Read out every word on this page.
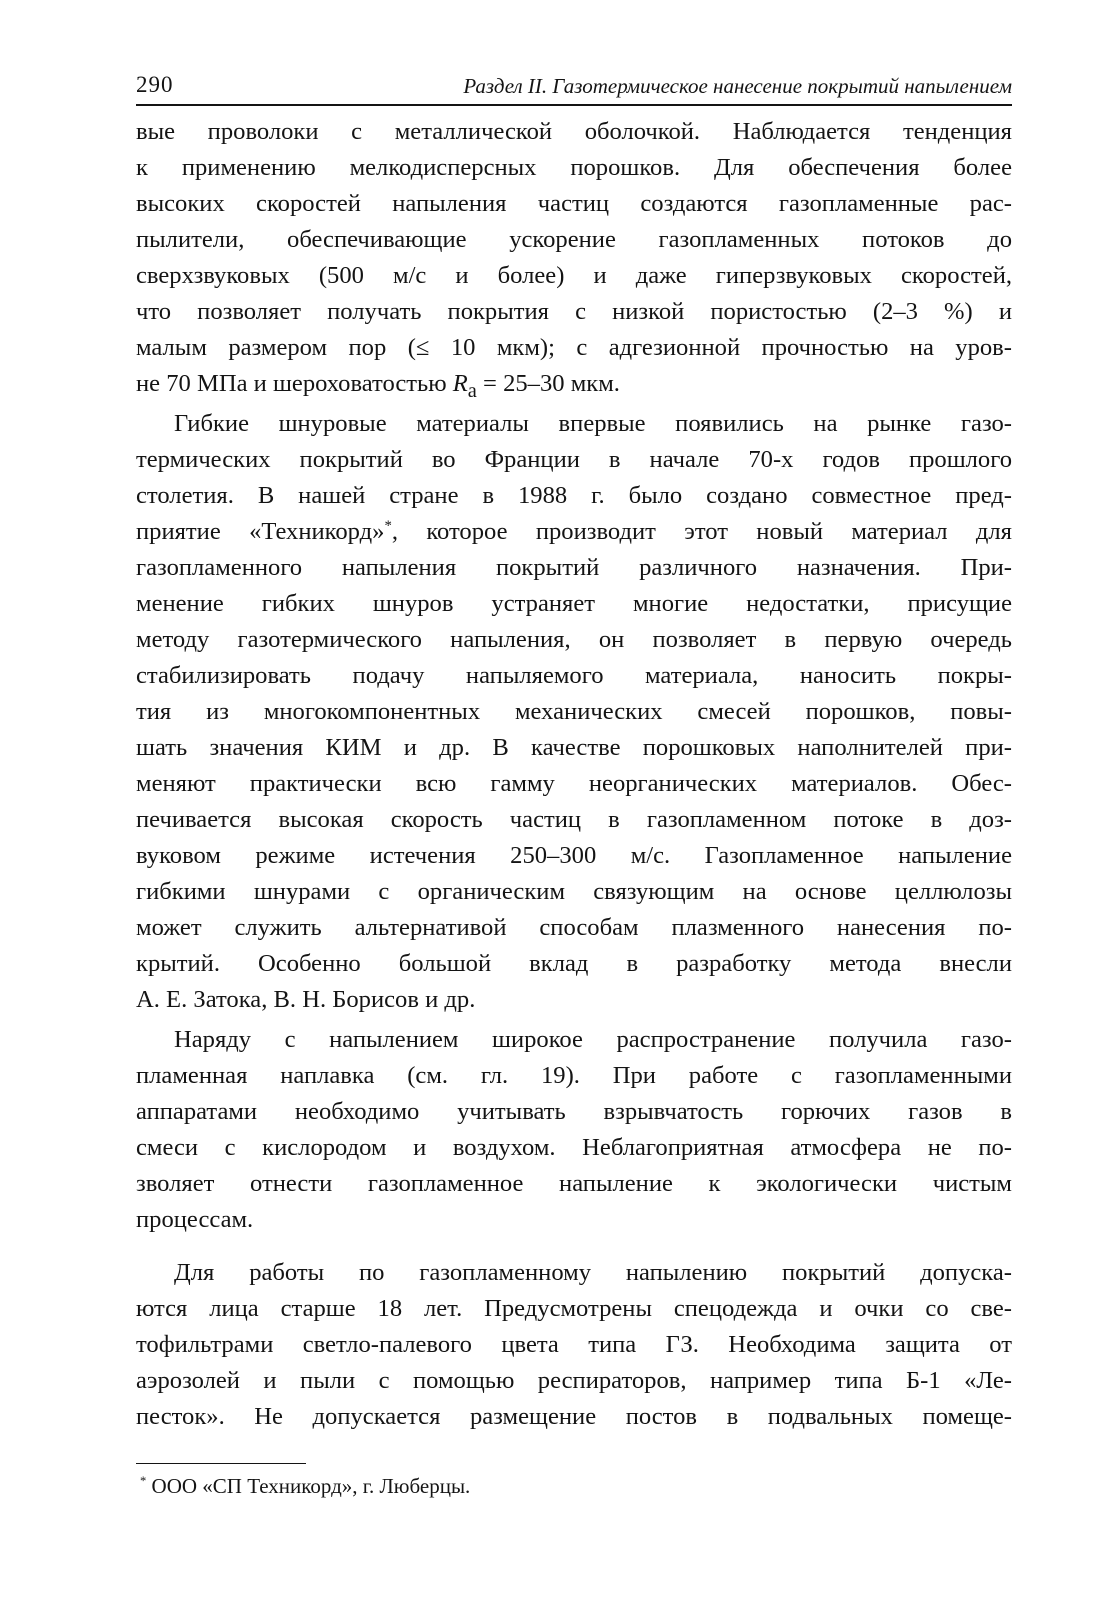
290	Раздел II. Газотермическое нанесение покрытий напылением
вые проволоки с металлической оболочкой. Наблюдается тенденция
к применению мелкодисперсных порошков. Для обеспечения более
высоких скоростей напыления частиц создаются газопламенные рас-
пылители, обеспечивающие ускорение газопламенных потоков до
сверхзвуковых (500 м/с и более) и даже гиперзвуковых скоростей,
что позволяет получать покрытия с низкой пористостью (2–3 %) и
малым размером пор (≤ 10 мкм); с адгезионной прочностью на уров-
не 70 МПа и шероховатостью $R_а = 25-30$ мкм.
Гибкие шнуровые материалы впервые появились на рынке газо-
термических покрытий во Франции в начале 70-х годов прошлого
столетия. В нашей стране в 1988 г. было создано совместное пред-
приятие «Техникорд»*, которое производит этот новый материал для
газопламенного напыления покрытий различного назначения. При-
менение гибких шнуров устраняет многие недостатки, присущие
методу газотермического напыления, он позволяет в первую очередь
стабилизировать подачу напыляемого материала, наносить покры-
тия из многокомпонентных механических смесей порошков, повы-
шать значения КИМ и др. В качестве порошковых наполнителей при-
меняют практически всю гамму неорганических материалов. Обес-
печивается высокая скорость частиц в газопламенном потоке в доз-
вуковом режиме истечения 250–300 м/с. Газопламенное напыление
гибкими шнурами с органическим связующим на основе целлюлозы
может служить альтернативой способам плазменного нанесения по-
крытий. Особенно большой вклад в разработку метода внесли
А. Е. Затока, В. Н. Борисов и др.
Наряду с напылением широкое распространение получила газо-
пламенная наплавка (см. гл. 19). При работе с газопламенными
аппаратами необходимо учитывать взрывчатость горючих газов в
смеси с кислородом и воздухом. Неблагоприятная атмосфера не по-
зволяет отнести газопламенное напыление к экологически чистым
процессам.
Для работы по газопламенному напылению покрытий допуска-
ются лица старше 18 лет. Предусмотрены спецодежда и очки со све-
тофильтрами светло-палевого цвета типа ГЗ. Необходима защита от
аэрозолей и пыли с помощью респираторов, например типа Б-1 «Ле-
песток». Не допускается размещение постов в подвальных помеще-
* ООО «СП Техникорд», г. Люберцы.
